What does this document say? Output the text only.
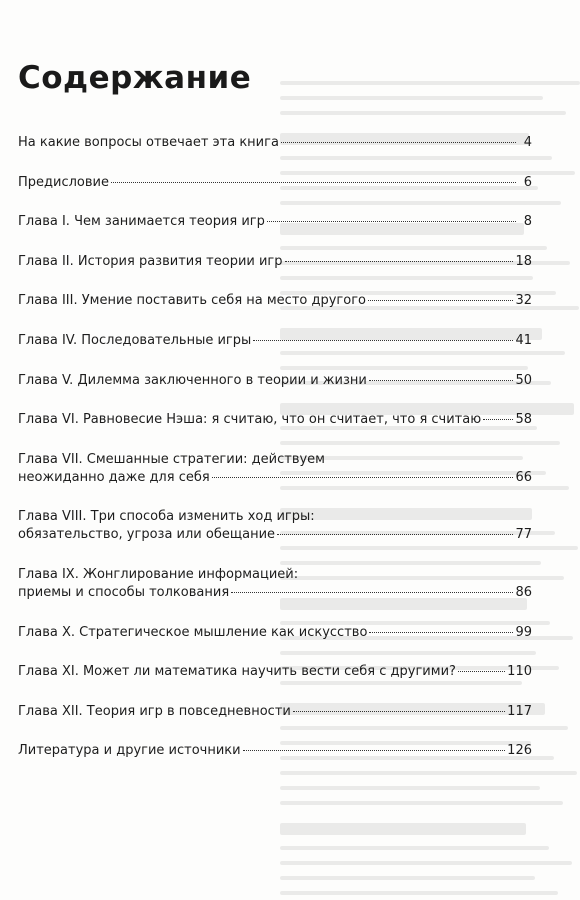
Содержание
На какие вопросы отвечает эта книга	4
Предисловие	6
Глава I. Чем занимается теория игр	8
Глава II. История развития теории игр	18
Глава III. Умение поставить себя на место другого	32
Глава IV. Последовательные игры	41
Глава V. Дилемма заключенного в теории и жизни	50
Глава VI. Равновесие Нэша: я считаю, что он считает, что я считаю	58
Глава VII. Смешанные стратегии: действуем
неожиданно даже для себя	66
Глава VIII. Три способа изменить ход игры:
обязательство, угроза или обещание	77
Глава IX. Жонглирование информацией:
приемы и способы толкования	86
Глава X. Стратегическое мышление как искусство	99
Глава XI. Может ли математика научить вести себя с другими?	110
Глава XII. Теория игр в повседневности	117
Литература и другие источники	126
